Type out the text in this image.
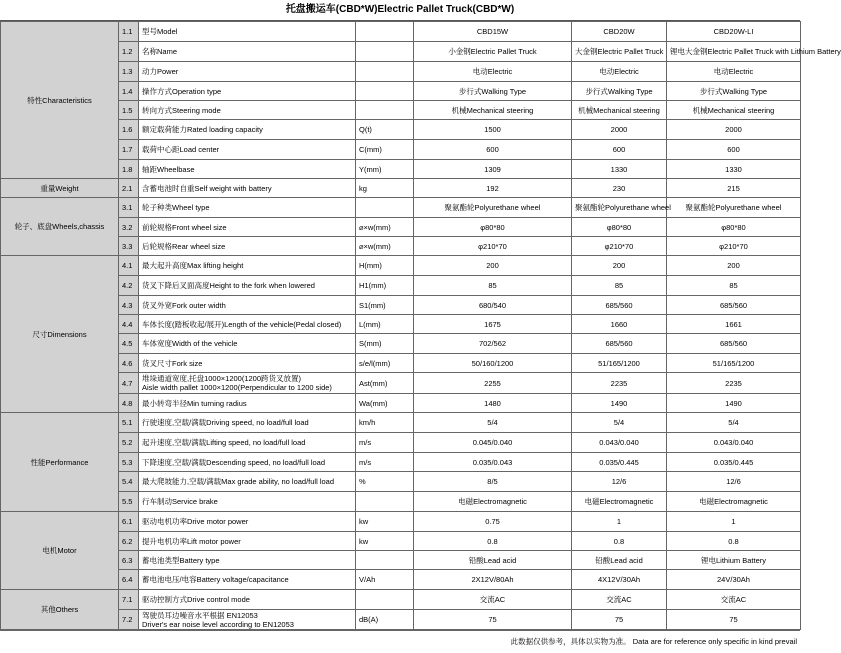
托盘搬运车(CBD*W)Electric Pallet Truck(CBD*W)
特性Characteristics	1.1	型号Model		CBD15W	CBD20W	CBD20W-LI
	1.2	名称Name		小金钢Electric Pallet Truck	大金钢Electric Pallet Truck	锂电大金钢Electric Pallet Truck with Lithium Battery
	1.3	动力Power		电动Electric	电动Electric	电动Electric
	1.4	操作方式Operation type		步行式Walking Type	步行式Walking Type	步行式Walking Type
	1.5	转向方式Steering mode		机械Mechanical steering	机械Mechanical steering	机械Mechanical steering
	1.6	额定载荷能力Rated loading capacity	Q(t)	1500	2000	2000
	1.7	载荷中心距Load center	C(mm)	600	600	600
	1.8	轴距Wheelbase	Y(mm)	1309	1330	1330
重量Weight	2.1	含蓄电池时自重Self weight with battery	kg	192	230	215
轮子、底盘Wheels,chassis	3.1	轮子种类Wheel type		聚氨酯轮Polyurethane wheel	聚氨酯轮Polyurethane wheel	聚氨酯轮Polyurethane wheel
	3.2	前轮规格Front wheel size	⌀×w(mm)	φ80*80	φ80*80	φ80*80
	3.3	后轮规格Rear wheel size	⌀×w(mm)	φ210*70	φ210*70	φ210*70
尺寸Dimensions	4.1	最大起升高度Max lifting height	H(mm)	200	200	200
	4.2	货叉下降后叉面高度Height to the fork when lowered	H1(mm)	85	85	85
	4.3	货叉外宽Fork outer width	S1(mm)	680/540	685/560	685/560
	4.4	车体长度(踏板收起/展开)Length of the vehicle(Pedal closed)	L(mm)	1675	1660	1661
	4.5	车体宽度Width of the vehicle	S(mm)	702/562	685/560	685/560
	4.6	货叉尺寸Fork size	s/e/l(mm)	50/160/1200	51/165/1200	51/165/1200
	4.7	堆垛通道宽度,托盘1000×1200(1200跨货叉放置)
Aisle width pallet 1000×1200(Perpendicular to 1200 side)	Ast(mm)	2255	2235	2235
	4.8	最小转弯半径Min turning radius	Wa(mm)	1480	1490	1490
性能Performance	5.1	行驶速度,空载/满载Driving speed, no load/full load	km/h	5/4	5/4	5/4
	5.2	起升速度,空载/满载Lifting speed, no load/full load	m/s	0.045/0.040	0.043/0.040	0.043/0.040
	5.3	下降速度,空载/满载Descending speed, no load/full load	m/s	0.035/0.043	0.035/0.445	0.035/0.445
	5.4	最大爬坡能力,空载/满载Max grade ability, no load/full load	%	8/5	12/6	12/6
	5.5	行车制动Service brake		电磁Electromagnetic	电磁Electromagnetic	电磁Electromagnetic
电机Motor	6.1	驱动电机功率Drive motor power	kw	0.75	1	1
	6.2	提升电机功率Lift motor power	kw	0.8	0.8	0.8
	6.3	蓄电池类型Battery type		铅酸Lead acid	铅酸Lead acid	锂电Lithium Battery
	6.4	蓄电池电压/电容Battery voltage/capacitance	V/Ah	2X12V/80Ah	4X12V/30Ah	24V/30Ah
其他Others	7.1	驱动控制方式Drive control mode		交流AC	交流AC	交流AC
	7.2	驾驶员耳边噪音水平根据 EN12053
Driver's ear noise level according to EN12053	dB(A)	75	75	75
此数据仅供参考，具体以实物为准。 Data are for reference only specific in kind prevail
